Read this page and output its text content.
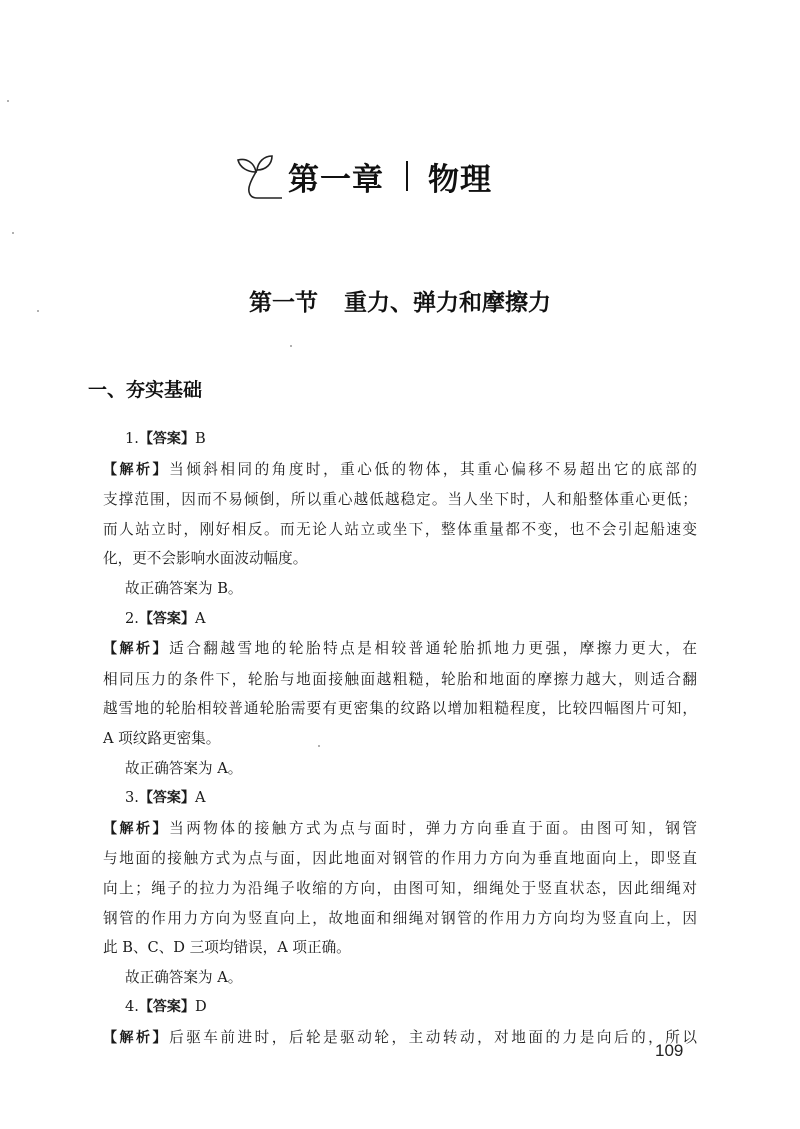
第一章 物理
第一节 重力、弹力和摩擦力
一、夯实基础

1.【答案】B

【解析】当倾斜相同的角度时，重心低的物体，其重心偏移不易超出它的底部的

支撑范围，因而不易倾倒，所以重心越低越稳定。当人坐下时，人和船整体重心更低；

而人站立时，刚好相反。而无论人站立或坐下，整体重量都不变，也不会引起船速变

化，更不会影响水面波动幅度。

故正确答案为 B。

2.【答案】A

【解析】适合翻越雪地的轮胎特点是相较普通轮胎抓地力更强，摩擦力更大，在

相同压力的条件下，轮胎与地面接触面越粗糙，轮胎和地面的摩擦力越大，则适合翻

越雪地的轮胎相较普通轮胎需要有更密集的纹路以增加粗糙程度，比较四幅图片可知，

A 项纹路更密集。

故正确答案为 A。

3.【答案】A

【解析】当两物体的接触方式为点与面时，弹力方向垂直于面。由图可知，钢管

与地面的接触方式为点与面，因此地面对钢管的作用力方向为垂直地面向上，即竖直

向上；绳子的拉力为沿绳子收缩的方向，由图可知，细绳处于竖直状态，因此细绳对

钢管的作用力方向为竖直向上，故地面和细绳对钢管的作用力方向均为竖直向上，因

此 B、C、D 三项均错误，A 项正确。

故正确答案为 A。

4.【答案】D

【解析】后驱车前进时，后轮是驱动轮，主动转动，对地面的力是向后的，所以

109
